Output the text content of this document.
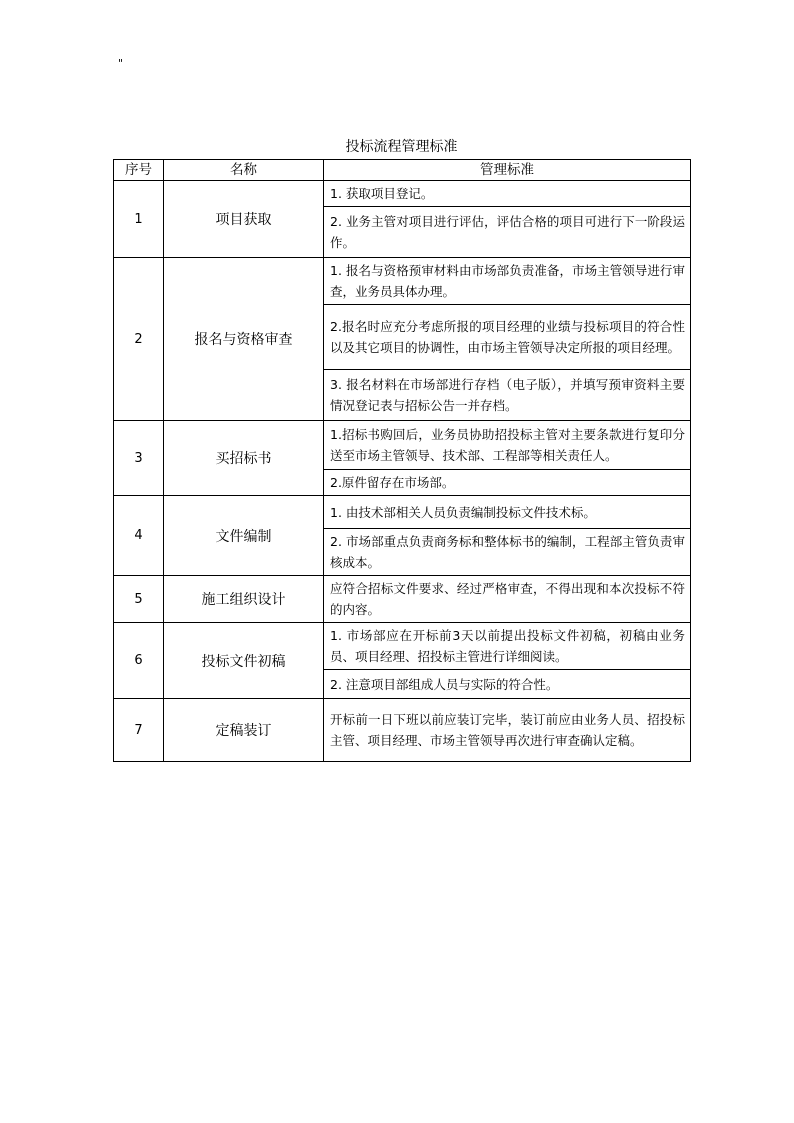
"
投标流程管理标准
序号	名称	管理标准
1	项目获取	1. 获取项目登记。
		2. 业务主管对项目进行评估，评估合格的项目可进行下一阶段运作。
2	报名与资格审查	1. 报名与资格预审材料由市场部负责准备，市场主管领导进行审查，业务员具体办理。
		2.报名时应充分考虑所报的项目经理的业绩与投标项目的符合性以及其它项目的协调性，由市场主管领导决定所报的项目经理。
		3. 报名材料在市场部进行存档（电子版），并填写预审资料主要情况登记表与招标公告一并存档。
3	买招标书	1.招标书购回后，业务员协助招投标主管对主要条款进行复印分送至市场主管领导、技术部、工程部等相关责任人。
		2.原件留存在市场部。
4	文件编制	1. 由技术部相关人员负责编制投标文件技术标。
		2. 市场部重点负责商务标和整体标书的编制，工程部主管负责审核成本。
5	施工组织设计	应符合招标文件要求、经过严格审查，不得出现和本次投标不符的内容。
6	投标文件初稿	1. 市场部应在开标前3天以前提出投标文件初稿，初稿由业务员、项目经理、招投标主管进行详细阅读。
		2. 注意项目部组成人员与实际的符合性。
7	定稿装订	开标前一日下班以前应装订完毕，装订前应由业务人员、招投标主管、项目经理、市场主管领导再次进行审查确认定稿。
